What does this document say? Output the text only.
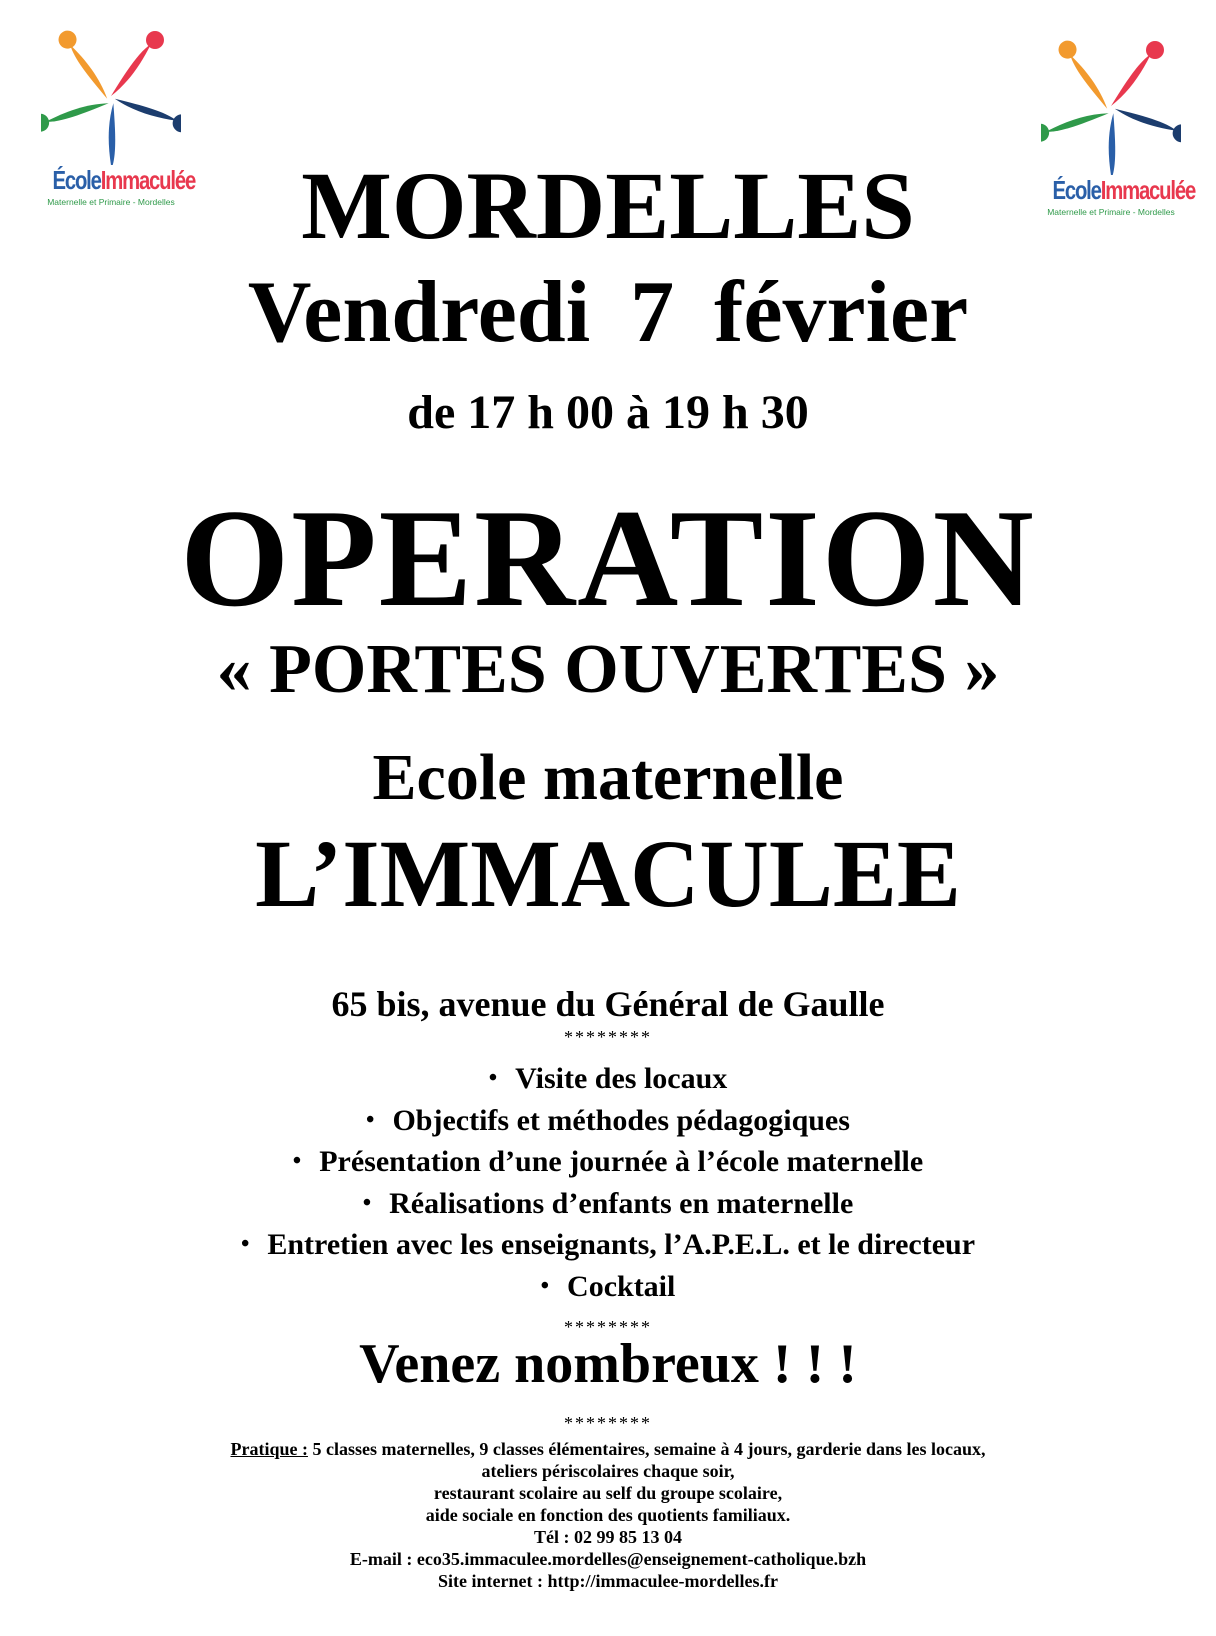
ÉcoleImmaculée
Maternelle et Primaire - Mordelles	ÉcoleImmaculée
Maternelle et Primaire - Mordelles
MORDELLES
Vendredi 7 février
de 17 h 00 à 19 h 30
OPERATION
« PORTES OUVERTES »
Ecole maternelle
L’IMMACULEE
65 bis, avenue du Général de Gaulle
********
• Visite des locaux
• Objectifs et méthodes pédagogiques
• Présentation d’une journée à l’école maternelle
• Réalisations d’enfants en maternelle
• Entretien avec les enseignants, l’A.P.E.L. et le directeur
• Cocktail
********
Venez nombreux ! ! !
********
Pratique : 5 classes maternelles, 9 classes élémentaires, semaine à 4 jours, garderie dans les locaux,
ateliers périscolaires chaque soir,
restaurant scolaire au self du groupe scolaire,
aide sociale en fonction des quotients familiaux.
Tél : 02 99 85 13 04
E-mail : eco35.immaculee.mordelles@enseignement-catholique.bzh
Site internet : http://immaculee-mordelles.fr
